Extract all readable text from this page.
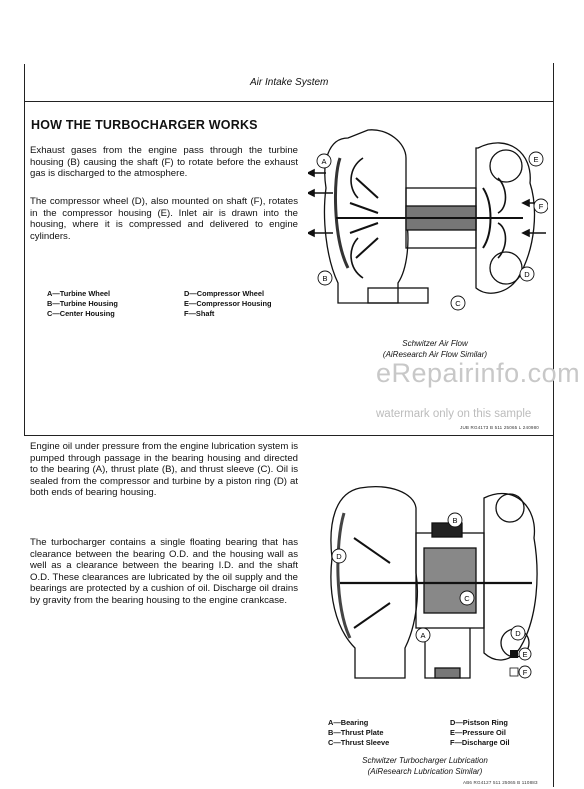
Air Intake System
HOW THE TURBOCHARGER WORKS

Exhaust gases from the engine pass through the turbine housing (B) causing the shaft (F) to rotate before the exhaust gas is discharged to the atmosphere.

The compressor wheel (D), also mounted on shaft (F), rotates in the compressor housing (E). Inlet air is drawn into the housing, where it is compressed and delivered to engine cylinders.

A—Turbine Wheel
B—Turbine Housing
C—Center Housing
D—Compressor Wheel
E—Compressor Housing
F—Shaft
A	E
F
D
B
C
Schwitzer Air Flow
(AiResearch Air Flow Similar)
eRepairinfo.com
watermark only on this sample
JUB RG4173 B 511 25065 L 240980

Engine oil under pressure from the engine lubrication system is pumped through passage in the bearing housing and directed to the bearing (A), thrust plate (B), and thrust sleeve (C). Oil is sealed from the compressor and turbine by a piston ring (D) at both ends of bearing housing.

The turbocharger contains a single floating bearing that has clearance between the bearing O.D. and the housing wall as well as a clearance between the bearing I.D. and the shaft O.D. These clearances are lubricated by the oil supply and the bearings are protected by a cushion of oil. Discharge oil drains by gravity from the bearing housing to the engine crankcase.

B
D
C
A	D
E
F
A—Bearing
B—Thrust Plate
C—Thrust Sleeve
D—Pistson Ring
E—Pressure Oil
F—Discharge Oil
Schwitzer Turbocharger Lubrication
(AiResearch Lubrication Similar)
AB6 RG4127 511 25065 B 110883
